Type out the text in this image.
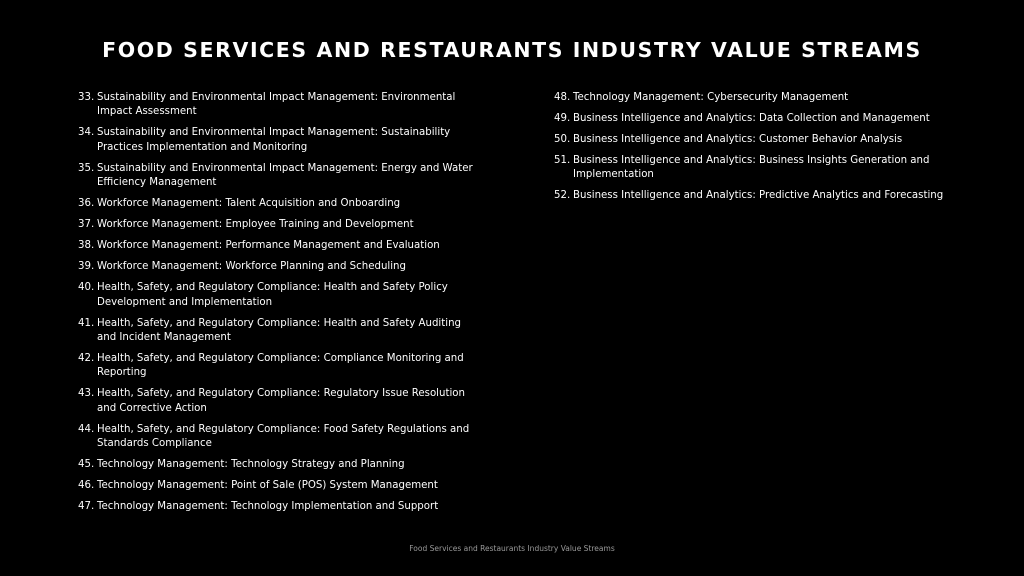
FOOD SERVICES AND RESTAURANTS INDUSTRY VALUE STREAMS
33. Sustainability and Environmental Impact Management: Environmental Impact Assessment
34. Sustainability and Environmental Impact Management: Sustainability Practices Implementation and Monitoring
35. Sustainability and Environmental Impact Management: Energy and Water Efficiency Management
36. Workforce Management: Talent Acquisition and Onboarding
37. Workforce Management: Employee Training and Development
38. Workforce Management: Performance Management and Evaluation
39. Workforce Management: Workforce Planning and Scheduling
40. Health, Safety, and Regulatory Compliance: Health and Safety Policy Development and Implementation
41. Health, Safety, and Regulatory Compliance: Health and Safety Auditing and Incident Management
42. Health, Safety, and Regulatory Compliance: Compliance Monitoring and Reporting
43. Health, Safety, and Regulatory Compliance: Regulatory Issue Resolution and Corrective Action
44. Health, Safety, and Regulatory Compliance: Food Safety Regulations and Standards Compliance
45. Technology Management: Technology Strategy and Planning
46. Technology Management: Point of Sale (POS) System Management
47. Technology Management: Technology Implementation and Support
48. Technology Management: Cybersecurity Management
49. Business Intelligence and Analytics: Data Collection and Management
50. Business Intelligence and Analytics: Customer Behavior Analysis
51. Business Intelligence and Analytics: Business Insights Generation and Implementation
52. Business Intelligence and Analytics: Predictive Analytics and Forecasting
Food Services and Restaurants Industry Value Streams
